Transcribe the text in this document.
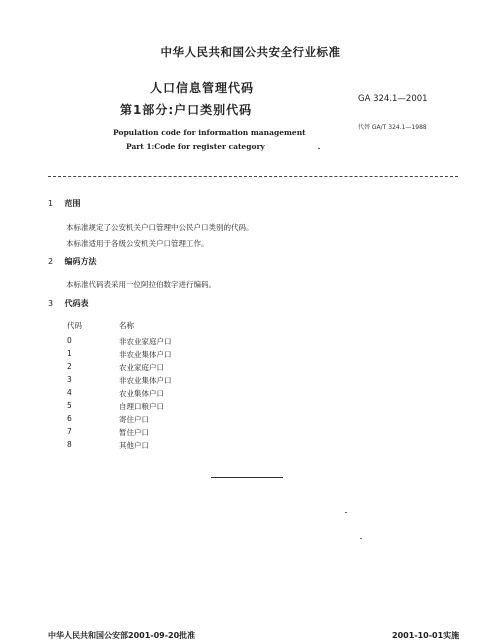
中华人民共和国公共安全行业标准
人口信息管理代码
第1部分:户口类别代码
GA 324.1—2001
代替 GA/T 324.1—1988
Population code for information management
Part 1:Code for register category
1 范围
本标准规定了公安机关户口管理中公民户口类别的代码。
本标准适用于各级公安机关户口管理工作。
2 编码方法
本标准代码表采用一位阿拉伯数字进行编码。
3 代码表
代码	名称
0	非农业家庭户口
1	非农业集体户口
2	农业家庭户口
3	非农业集体户口
4	农业集体户口
5	自理口粮户口
6	寄住户口
7	暂住户口
8	其他户口
中华人民共和国公安部2001-09-20批准	2001-10-01实施
